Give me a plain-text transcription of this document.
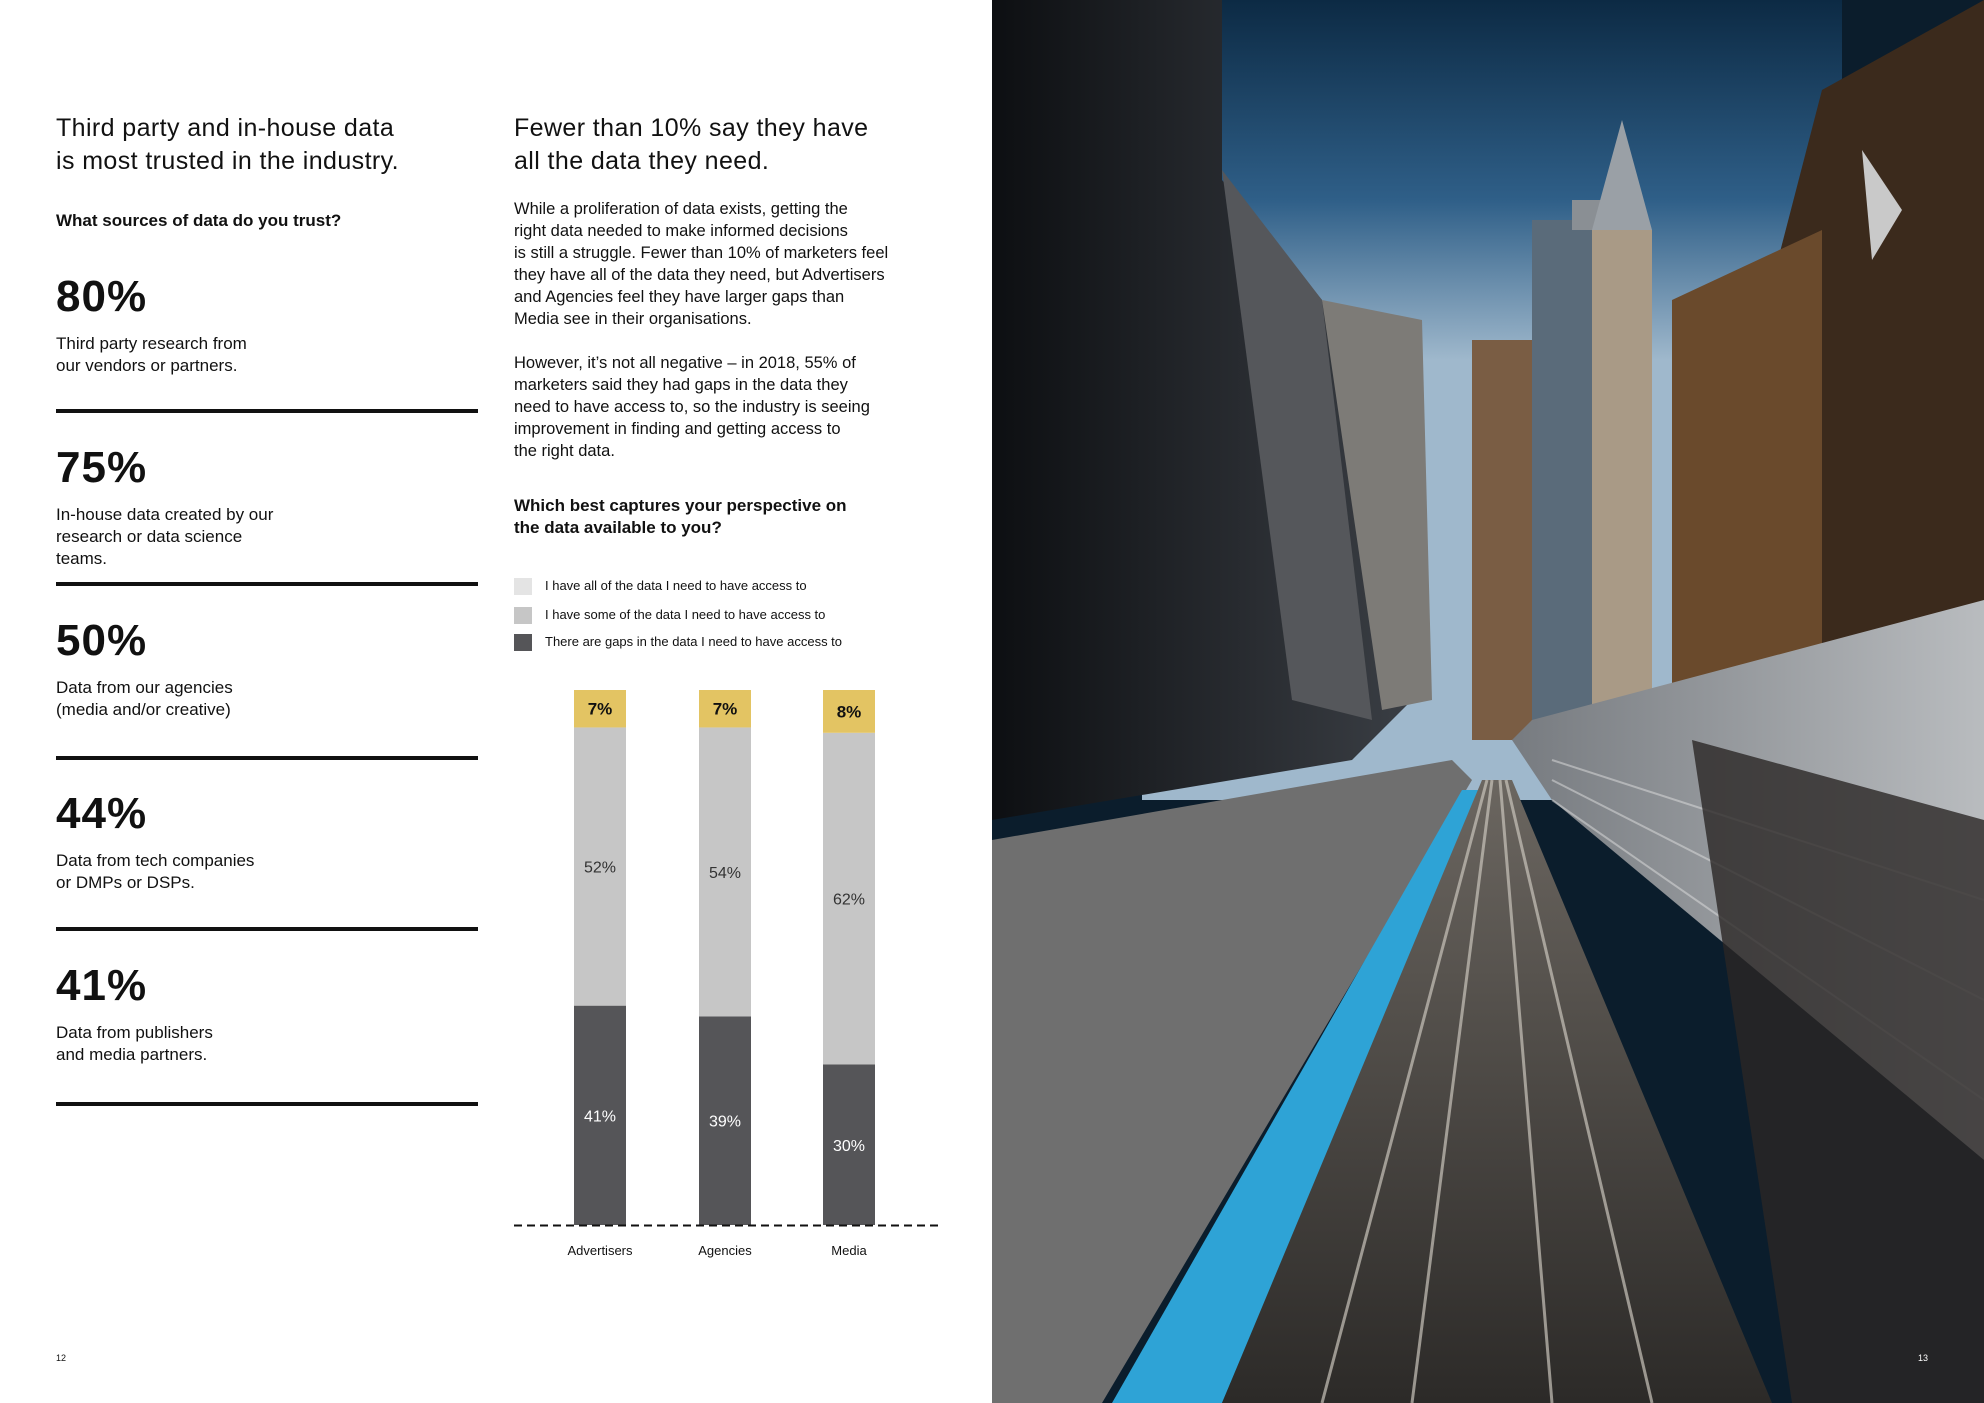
Third party and in-house data
is most trusted in the industry.
What sources of data do you trust?
80%
Third party research from
our vendors or partners.
75%
In-house data created by our
research or data science teams.
50%
Data from our agencies
(media and/or creative)
44%
Data from tech companies
or DMPs or DSPs.
41%
Data from publishers
and media partners.
Fewer than 10% say they have
all the data they need.
While a proliferation of data exists, getting the
right data needed to make informed decisions
is still a struggle. Fewer than 10% of marketers feel
they have all of the data they need, but Advertisers
and Agencies feel they have larger gaps than
Media see in their organisations.
However, it’s not all negative – in 2018, 55% of
marketers said they had gaps in the data they
need to have access to, so the industry is seeing
improvement in finding and getting access to
the right data.
Which best captures your perspective on
the data available to you?
I have all of the data I need to have access to
I have some of the data I need to have access to
There are gaps in the data I need to have access to
41%
52%
7%
Advertisers
39%
54%
7%
Agencies
30%
62%
8%
Media
12	13
